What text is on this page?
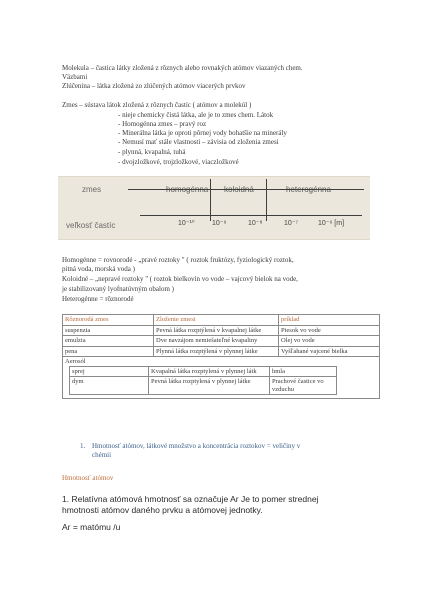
Molekula – častica látky zložená z rôznych alebo rovnakých atómov viazaných chem.
Väzbami
Zlúčenina – látka zložená zo zlúčených atómov viacerých prvkov
Zmes – sústava látok zložená z rôznych častíc ( atómov a molekúl )
- nieje chemicky čistá látka, ale je to zmes chem. Látok
- Homogénna zmes – pravý roz
- Minerálna látka je oproti pôrnej vody bohatšie na minerály
- Nemusí mať stále vlastnosti – závisia od zloženia zmesi
- plynná, kvapalná, tuhá
- dvojzložkové, trojzložkové, viaczložkové
zmes
veľkosť častíc
homogénna koloidná	heterogénna
10⁻¹⁰ 10⁻⁹	10⁻⁸	10⁻⁷	10⁻⁶ [m]
Homogénne = rovnorodé - „pravé roztoky " ( roztok fruktózy, fyziologický roztok,
pitná voda, morská voda )
Koloidné – „nepravé roztoky " ( roztok bielkovín vo vode – vajcový bielok na vode,
je stabilizovaný lyofnatúvným obalom )
Heterogénne = rôznorodé
Rôznorodá zmes	Zloženie zmesi	príklad
suspenzia	Pevná látka rozptýlená v kvapalnej látke	Piesok vo vode
emulzia	Dve navzájom nemiešateľné kvapaliny	Olej vo vode
pena	Plynná látka rozptýlená v plynnej látke	Vyšľahané vajcené bielka

Aerosól
sprej	Kvapalná látka rozptylená v plynnej látk	hmla
dym	Pevná látka rozptylená v plynnej látke	Prachové častice vo vzduchu
1. Hmotnosť atómov, látkové množstvo a koncentrácia roztokov = veličiny v
chémii
Hmotnosť atómov
1. Relatívna atómová hmotnosť sa označuje Ar Je to pomer strednej
hmotnosti atómov daného prvku a atómovej jednotky.
Ar = matómu /u
